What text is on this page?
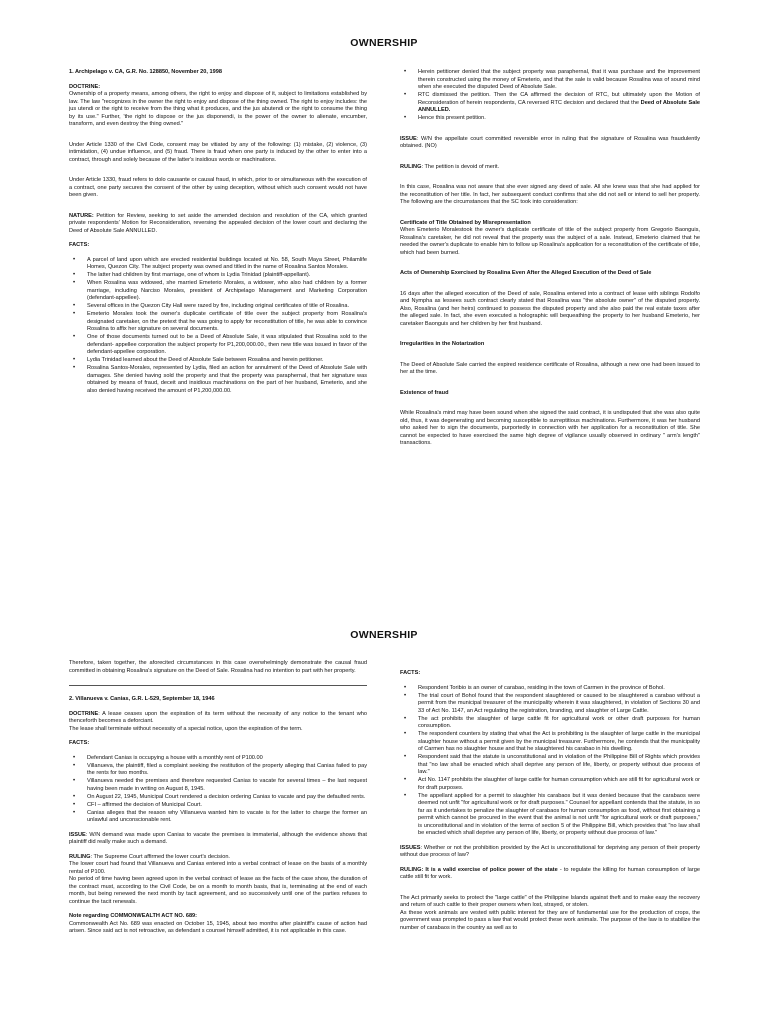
OWNERSHIP

1. Archipelago v. CA, G.R. No. 128850, November 20, 1998

DOCTRINE:

Ownership of a property means, among others, the right to enjoy and dispose of it, subject to limitations established by law. The law "recognizes in the owner the right to enjoy and dispose of the thing owned. The right to enjoy includes: the jus utendi or the right to receive from the thing what it produces, and the jus abutendi or the right to consume the thing by its use." Further, 'the right to dispose or the jus disponendi, is the power of the owner to alienate, encumber, transform, and even destroy the thing owned."

Under Article 1330 of the Civil Code, consent may be vitiated by any of the following: (1) mistake, (2) violence, (3) intimidation, (4) undue influence, and (5) fraud. There is fraud when one party is induced by the other to enter into a contract, through and solely because of the latter's insidious words or machinations.

Under Article 1330, fraud refers to dolo causante or causal fraud, in which, prior to or simultaneous with the execution of a contract, one party secures the consent of the other by using deception, without which such consent would not have been given.

NATURE: Petition for Review, seeking to set aside the amended decision and resolution of the CA, which granted private respondents' Motion for Reconsideration, reversing the appealed decision of the lower court and declaring the Deed of Absolute Sale ANNULLED.

FACTS:

• A parcel of land upon which are erected residential buildings located at No. 58, South Maya Street, Philamlife Homes, Quezon City. The subject property was owned and titled in the name of Rosalina Santos Morales.
• The latter had children by first marriage, one of whom is Lydia Trinidad (plaintiff-appellant).
• When Rosalina was widowed, she married Emeterio Morales, a widower, who also had children by a former marriage, including Narciso Morales, president of Archipelago Management and Marketing Corporation (defendant-appellee).
• Several offices in the Quezon City Hall were razed by fire, including original certificates of title of Rosalina.
• Emeterio Morales took the owner's duplicate certificate of title over the subject property from Rosalina's designated caretaker, on the pretext that he was going to apply for reconstitution of title, he was able to convince Rosalina to affix her signature on several documents.
• One of those documents turned out to be a Deed of Absolute Sale, it was stipulated that Rosalina sold to the defendant- appellee corporation the subject property for P1,200,000.00., then new title was issued in favor of the defendant-appellee corporation.
• Lydia Trinidad learned about the Deed of Absolute Sale between Rosalina and herein petitioner.
• Rosalina Santos-Morales, represented by Lydia, filed an action for annulment of the Deed of Absolute Sale with damages. She denied having sold the property and that the property was paraphernal, that her signature was obtained by means of fraud, deceit and insidious machinations on the part of her husband, Emeterio, and she also denied having received the amount of P1,200,000.00.
• Herein petitioner denied that the subject property was paraphernal, that it was purchase and the improvement therein constructed using the money of Emeterio, and that the sale is valid because Rosalina was of sound mind when she executed the disputed Deed of Absolute Sale.
• RTC dismissed the petition. Then the CA affirmed the decision of RTC, but ultimately upon the Motion of Reconsideration of herein respondents, CA reversed RTC decision and declared that the Deed of Absolute Sale ANNULLED.
• Hence this present petition.

ISSUE: W/N the appellate court committed reversible error in ruling that the signature of Rosalina was fraudulently obtained. (NO)

RULING: The petition is devoid of merit.

In this case, Rosalina was not aware that she ever signed any deed of sale. All she knew was that she had applied for the reconstitution of her title. In fact, her subsequent conduct confirms that she did not sell or intend to sell her property. The following are the circumstances that the SC took into consideration:

Certificate of Title Obtained by Misrepresentation

When Emeterio Moralestook the owner's duplicate certificate of title of the subject property from Gregorio Baonguis, Rosalina's caretaker, he did not reveal that the property was the subject of a sale. Instead, Emeterio claimed that he needed the owner's duplicate to enable him to follow up Rosalina's application for a reconstitution of the certificate of title, which had been burned.

Acts of Ownership Exercised by Rosalina Even After the Alleged Execution of the Deed of Sale

16 days after the alleged execution of the Deed of sale, Rosalina entered into a contract of lease with siblings Rodolfo and Nympha as lessees such contract clearly stated that Rosalina was "the absolute owner" of the disputed property. Also, Rosalina (and her heirs) continued to possess the disputed property and she also paid the real estate taxes after the alleged sale. In fact, she even executed a holographic will bequeathing the property to her husband Emeterio, her caretaker Baonguis and her children by her first husband.

Irregularities in the Notarization

The Deed of Absolute Sale carried the expired residence certificate of Rosalina, although a new one had been issued to her at the time.

Existence of fraud

While Rosalina's mind may have been sound when she signed the said contract, it is undisputed that she was also quite old, thus, it was degenerating and becoming susceptible to surreptitious machinations. Furthermore, it was her husband who asked her to sign the documents, purportedly in connection with her application for a reconstitution of title. She cannot be expected to have exercised the same high degree of vigilance usually observed in ordinary " arm's length" transactions.

OWNERSHIP

Therefore, taken together, the aforecited circumstances in this case overwhelmingly demonstrate the causal fraud committed in obtaining Rosalina's signature on the Deed of Sale. Rosalina had no intention to part with her property.

2. Villanueva v. Canias, G.R. L-529, September 18, 1946

DOCTRINE: A lease ceases upon the expiration of its term without the necessity of any notice to the tenant who thenceforth becomes a deforciant.

The lease shall terminate without necessity of a special notice, upon the expiration of the term.

FACTS:

• Defendant Canias is occupying a house with a monthly rent of P100.00
• Villanueva, the plaintiff, filed a complaint seeking the restitution of the property alleging that Canias failed to pay the rents for two months.
• Villanueva needed the premises and therefore requested Canias to vacate for several times – the last request having been made in writing on August 8, 1945.
• On August 22, 1945, Municipal Court rendered a decision ordering Canias to vacate and pay the defaulted rents.
• CFI – affirmed the decision of Municipal Court.
• Canias alleges that the reason why Villanueva wanted him to vacate is for the latter to charge the former an unlawful and unconscionable rent.

ISSUE: W/N demand was made upon Canias to vacate the premises is immaterial, although the evidence shows that plaintiff did really make such a demand.

RULING: The Supreme Court affirmed the lower court's decision.
The lower court had found that Villanueva and Canias entered into a verbal contract of lease on the basis of a monthly rental of P100.

No period of time having been agreed upon in the verbal contract of lease as the facts of the case show, the duration of the contract must, according to the Civil Code, be on a month to month basis, that is, terminating at the end of each month, but being renewed the next month by tacit agreement, and so successively until one of the parties refuses to continue the tacit renewals.

Note regarding COMMONWEALTH ACT NO. 689:

Commonwealth Act No. 689 was enacted on October 15, 1945, about two months after plaintiff's cause of action had arisen. Since said act is not retroactive, as defendant s counsel himself admitted, it is not applicable in this case.

FACTS:

• Respondent Toribio is an owner of carabao, residing in the town of Carmen in the province of Bohol.
• The trial court of Bohol found that the respondent slaughtered or caused to be slaughtered a carabao without a permit from the municipal treasurer of the municipality wherein it was slaughtered, in violation of Sections 30 and 33 of Act No. 1147, an Act regulating the registration, branding, and slaughter of Large Cattle.
• The act prohibits the slaughter of large cattle fit for agricultural work or other draft purposes for human consumption.
• The respondent counters by stating that what the Act is prohibiting is the slaughter of large cattle in the municipal slaughter house without a permit given by the municipal treasurer. Furthermore, he contends that the municipality of Carmen has no slaughter house and that he slaughtered his carabao in his dwelling.
• Respondent said that the statute is unconstitutional and in violation of the Philippine Bill of Rights which provides that "no law shall be enacted which shall deprive any person of life, liberty, or property without due process of law."
• Act No. 1147 prohibits the slaughter of large cattle for human consumption which are still fit for agricultural work or for draft purposes.
• The appellant applied for a permit to slaughter his carabaos but it was denied because that the carabaos were deemed not unfit "for agricultural work or for draft purposes." Counsel for appellant contends that the statute, in so far as it undertakes to penalize the slaughter of carabaos for human consumption as food, without first obtaining a permit which cannot be procured in the event that the animal is not unfit "for agricultural work or draft purposes," is unconstitutional and in violation of the terms of section 5 of the Philippine Bill, which provides that "no law shall be enacted which shall deprive any person of life, liberty, or property without due process of law."

ISSUES: Whether or not the prohibition provided by the Act is unconstitutional for depriving any person of their property without due process of law?

RULING: It is a valid exercise of police power of the state - to regulate the killing for human consumption of large cattle still fit for work.

The Act primarily seeks to protect the "large cattle" of the Philippine Islands against theft and to make easy the recovery and return of such cattle to their proper owners when lost, strayed, or stolen.
As these work animals are vested with public interest for they are of fundamental use for the production of crops, the government was prompted to pass a law that would protect these work animals. The purpose of the law is to stabilize the number of carabaos in the country as well as to
